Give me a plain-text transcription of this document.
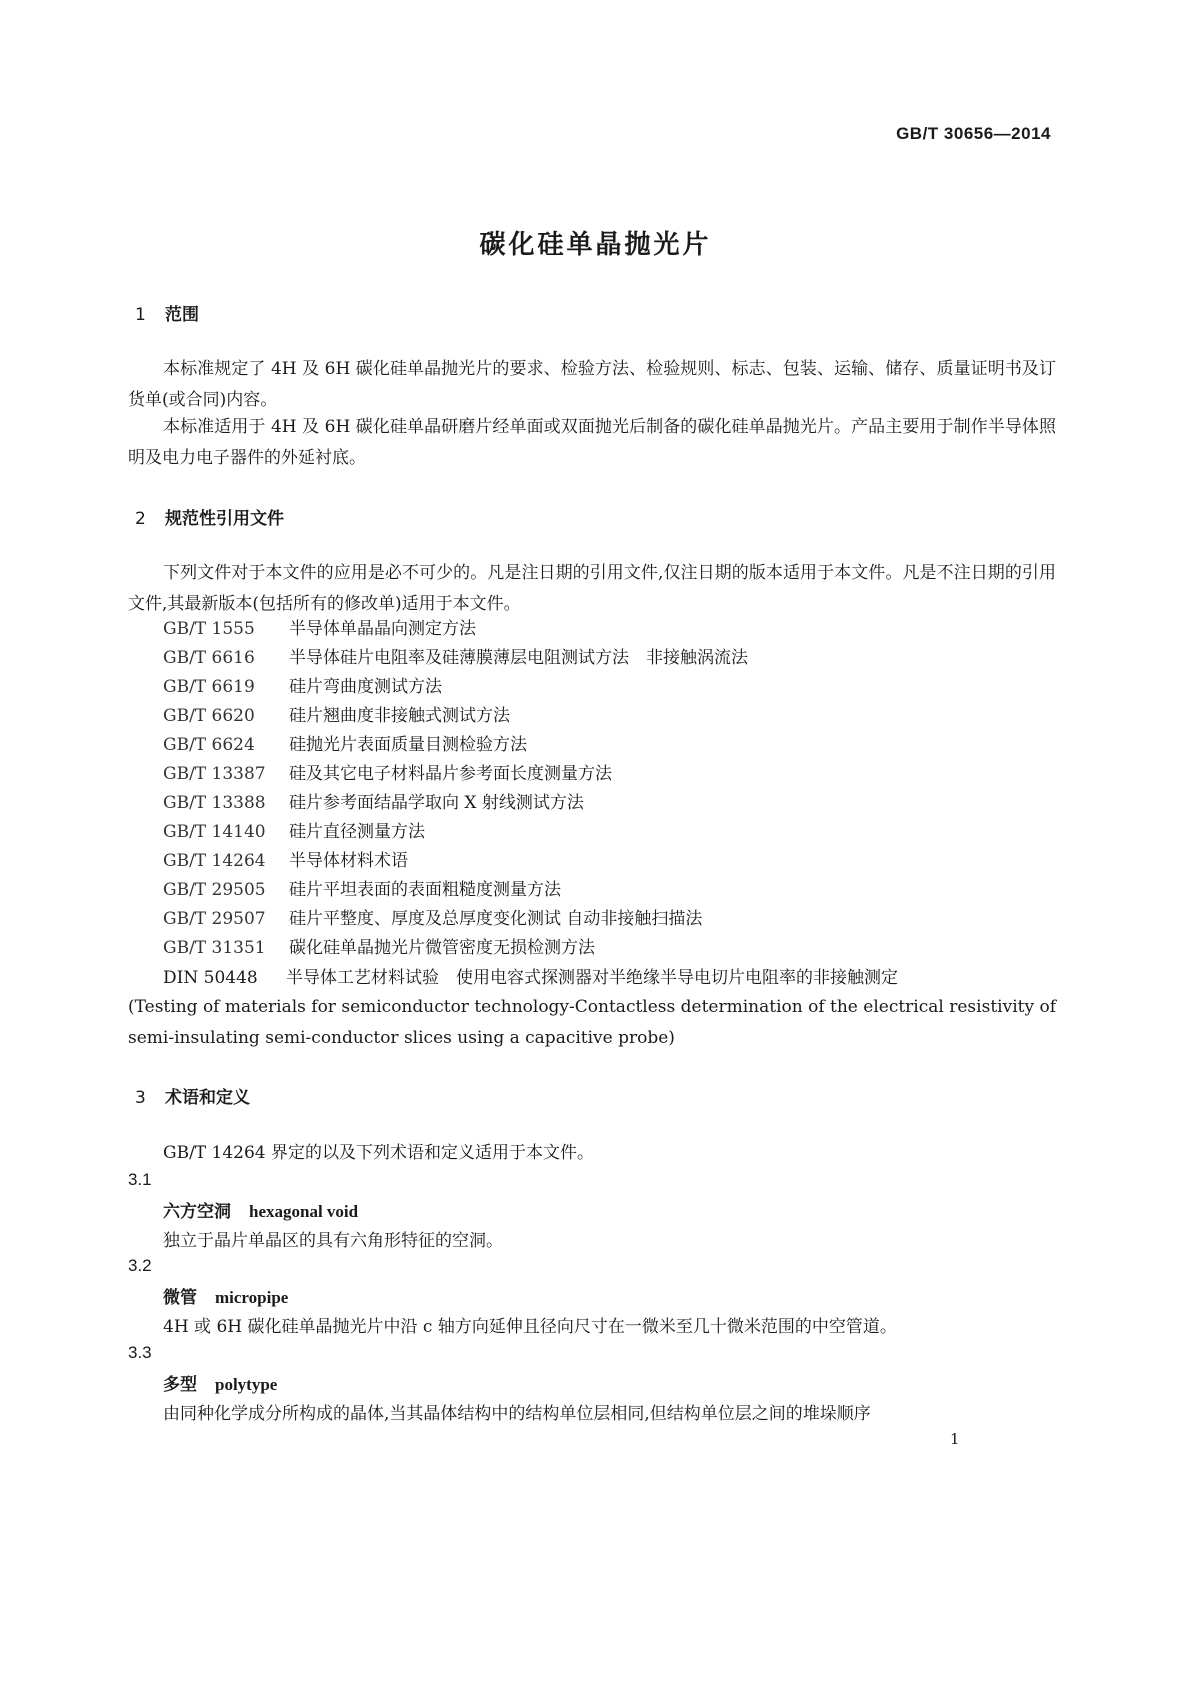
GB/T 30656—2014
碳化硅单晶抛光片
1 范围

本标准规定了 4H 及 6H 碳化硅单晶抛光片的要求、检验方法、检验规则、标志、包装、运输、储存、质量证明书及订货单(或合同)内容。

本标准适用于 4H 及 6H 碳化硅单晶研磨片经单面或双面抛光后制备的碳化硅单晶抛光片。产品主要用于制作半导体照明及电力电子器件的外延衬底。

2 规范性引用文件

下列文件对于本文件的应用是必不可少的。凡是注日期的引用文件,仅注日期的版本适用于本文件。凡是不注日期的引用文件,其最新版本(包括所有的修改单)适用于本文件。

GB/T 1555 半导体单晶晶向测定方法
GB/T 6616 半导体硅片电阻率及硅薄膜薄层电阻测试方法　非接触涡流法
GB/T 6619 硅片弯曲度测试方法
GB/T 6620 硅片翘曲度非接触式测试方法
GB/T 6624 硅抛光片表面质量目测检验方法
GB/T 13387 硅及其它电子材料晶片参考面长度测量方法
GB/T 13388 硅片参考面结晶学取向 X 射线测试方法
GB/T 14140 硅片直径测量方法
GB/T 14264 半导体材料术语
GB/T 29505 硅片平坦表面的表面粗糙度测量方法
GB/T 29507 硅片平整度、厚度及总厚度变化测试 自动非接触扫描法
GB/T 31351 碳化硅单晶抛光片微管密度无损检测方法
DIN 50448 半导体工艺材料试验　使用电容式探测器对半绝缘半导电切片电阻率的非接触测定

(Testing of materials for semiconductor technology-Contactless determination of the electrical resistivity of semi-insulating semi-conductor slices using a capacitive probe)

3 术语和定义
GB/T 14264 界定的以及下列术语和定义适用于本文件。
3.1
六方空洞 hexagonal void
独立于晶片单晶区的具有六角形特征的空洞。
3.2
微管 micropipe
4H 或 6H 碳化硅单晶抛光片中沿 c 轴方向延伸且径向尺寸在一微米至几十微米范围的中空管道。
3.3
多型 polytype
由同种化学成分所构成的晶体,当其晶体结构中的结构单位层相同,但结构单位层之间的堆垛顺序
1
